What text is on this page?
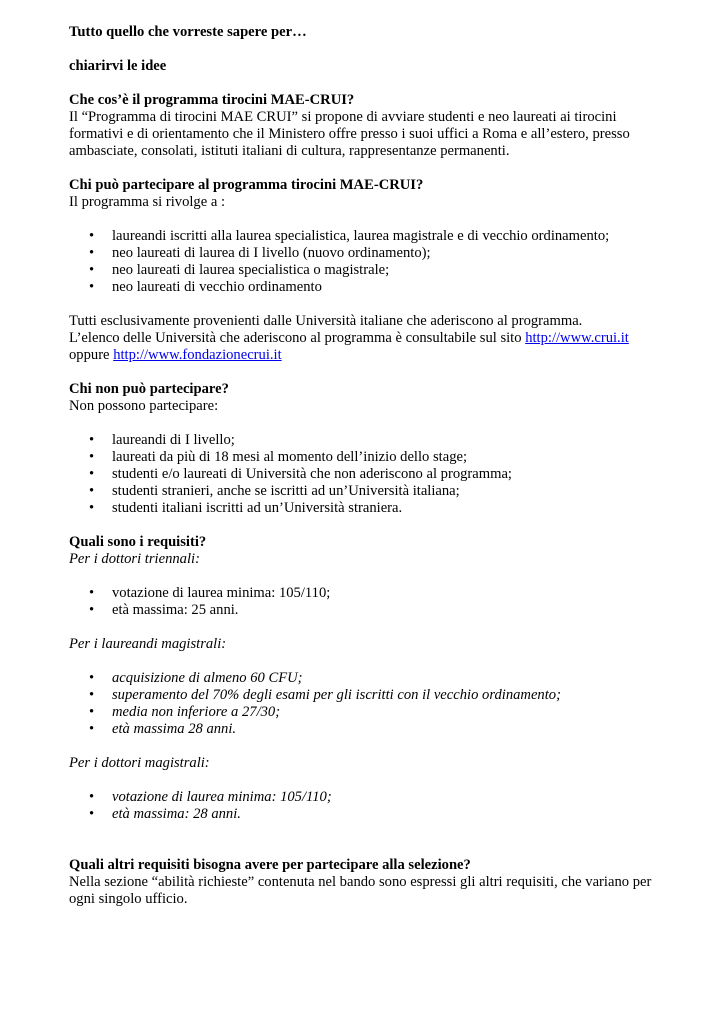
Tutto quello che vorreste sapere per…

chiarirvi le idee

Che cos’è il programma tirocini MAE-CRUI?

Il “Programma di tirocini MAE CRUI” si propone di avviare studenti e neo laureati ai tirocini formativi e di orientamento che il Ministero offre presso i suoi uffici a Roma e all’estero, presso ambasciate, consolati, istituti italiani di cultura, rappresentanze permanenti.

Chi può partecipare al programma tirocini MAE-CRUI?

Il programma si rivolge a :

• laureandi iscritti alla laurea specialistica, laurea magistrale e di vecchio ordinamento;
• neo laureati di laurea di I livello (nuovo ordinamento);
• neo laureati di laurea specialistica o magistrale;
• neo laureati di vecchio ordinamento

Tutti esclusivamente provenienti dalle Università italiane che aderiscono al programma.

L’elenco delle Università che aderiscono al programma è consultabile sul sito http://www.crui.it

oppure http://www.fondazionecrui.it

Chi non può partecipare?

Non possono partecipare:

• laureandi di I livello;
• laureati da più di 18 mesi al momento dell’inizio dello stage;
• studenti e/o laureati di Università che non aderiscono al programma;
• studenti stranieri, anche se iscritti ad un’Università italiana;
• studenti italiani iscritti ad un’Università straniera.

Quali sono i requisiti?

Per i dottori triennali:

• votazione di laurea minima: 105/110;
• età massima: 25 anni.

Per i laureandi magistrali:

• acquisizione di almeno 60 CFU;
• superamento del 70% degli esami per gli iscritti con il vecchio ordinamento;
• media non inferiore a 27/30;
• età massima 28 anni.

Per i dottori magistrali:

• votazione di laurea minima: 105/110;
• età massima: 28 anni.

Quali altri requisiti bisogna avere per partecipare alla selezione?

Nella sezione “abilità richieste” contenuta nel bando sono espressi gli altri requisiti, che variano per ogni singolo ufficio.
